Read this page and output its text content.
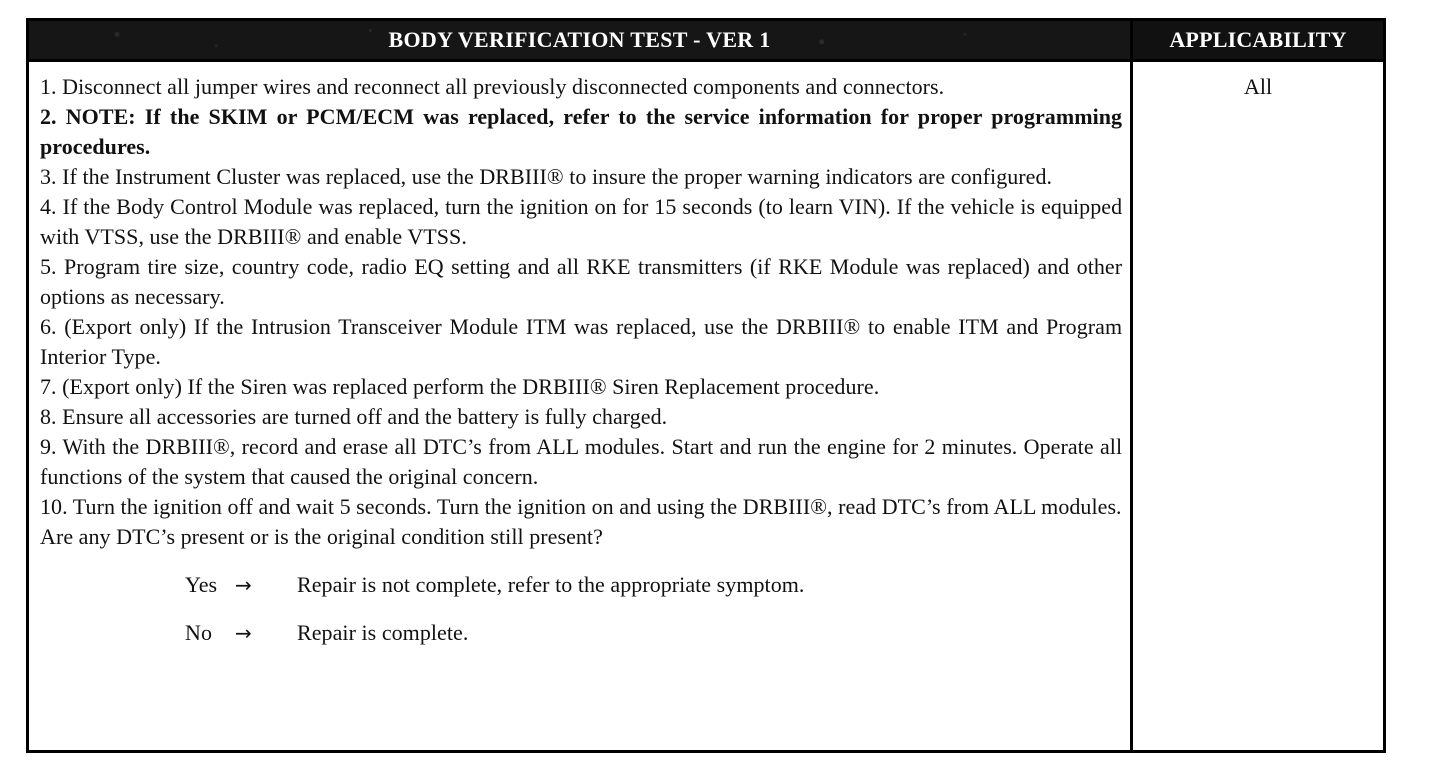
BODY VERIFICATION TEST - VER 1	APPLICABILITY

1. Disconnect all jumper wires and reconnect all previously disconnected components and connectors.

2. NOTE: If the SKIM or PCM/ECM was replaced, refer to the service information for proper programming procedures.

3. If the Instrument Cluster was replaced, use the DRBIII® to insure the proper warning indicators are configured.

4. If the Body Control Module was replaced, turn the ignition on for 15 seconds (to learn VIN). If the vehicle is equipped with VTSS, use the DRBIII® and enable VTSS.

5. Program tire size, country code, radio EQ setting and all RKE transmitters (if RKE Module was replaced) and other options as necessary.

6. (Export only) If the Intrusion Transceiver Module ITM was replaced, use the DRBIII® to enable ITM and Program Interior Type.

7. (Export only) If the Siren was replaced perform the DRBIII® Siren Replacement procedure.

8. Ensure all accessories are turned off and the battery is fully charged.

9. With the DRBIII®, record and erase all DTC’s from ALL modules. Start and run the engine for 2 minutes. Operate all functions of the system that caused the original concern.

10. Turn the ignition off and wait 5 seconds. Turn the ignition on and using the DRBIII®, read DTC’s from ALL modules.

Are any DTC’s present or is the original condition still present?

Yes →	Repair is not complete, refer to the appropriate symptom.
No	→	Repair is complete.
All
